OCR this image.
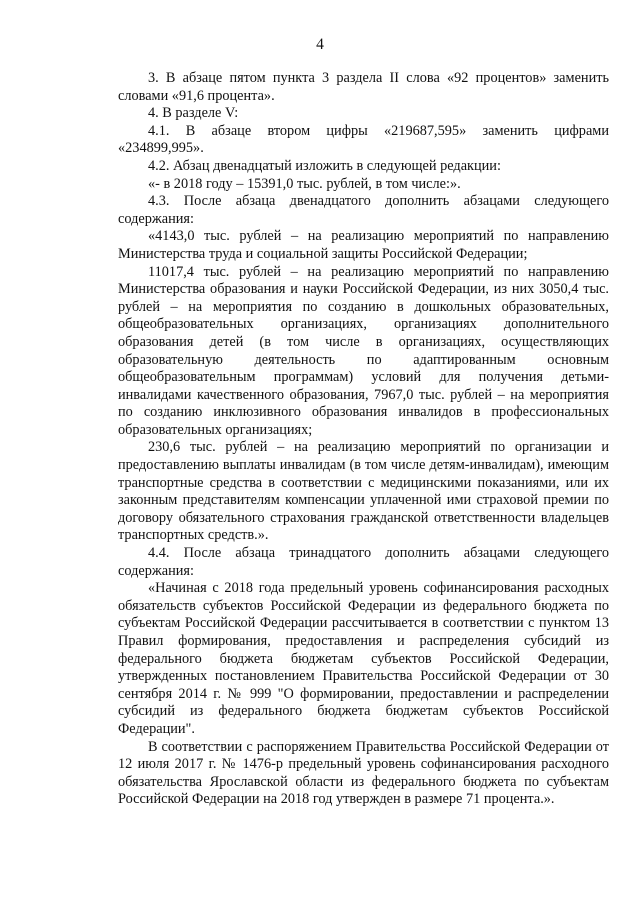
4

3. В абзаце пятом пункта 3 раздела II слова «92 процентов» заменить словами «91,6 процента».

4. В разделе V:

4.1. В абзаце втором цифры «219687,595» заменить цифрами «234899,995».

4.2. Абзац двенадцатый изложить в следующей редакции:

«- в 2018 году – 15391,0 тыс. рублей, в том числе:».

4.3. После абзаца двенадцатого дополнить абзацами следующего содержания:

«4143,0 тыс. рублей – на реализацию мероприятий по направлению Министерства труда и социальной защиты Российской Федерации;

11017,4 тыс. рублей – на реализацию мероприятий по направлению Министерства образования и науки Российской Федерации, из них 3050,4 тыс. рублей – на мероприятия по созданию в дошкольных образовательных, общеобразовательных организациях, организациях дополнительного образования детей (в том числе в организациях, осуществляющих образовательную деятельность по адаптированным основным общеобразовательным программам) условий для получения детьми-инвалидами качественного образования, 7967,0 тыс. рублей – на мероприятия по созданию инклюзивного образования инвалидов в профессиональных образовательных организациях;

230,6 тыс. рублей – на реализацию мероприятий по организации и предоставлению выплаты инвалидам (в том числе детям-инвалидам), имеющим транспортные средства в соответствии с медицинскими показаниями, или их законным представителям компенсации уплаченной ими страховой премии по договору обязательного страхования гражданской ответственности владельцев транспортных средств.».

4.4. После абзаца тринадцатого дополнить абзацами следующего содержания:

«Начиная с 2018 года предельный уровень софинансирования расходных обязательств субъектов Российской Федерации из федерального бюджета по субъектам Российской Федерации рассчитывается в соответствии с пунктом 13 Правил формирования, предоставления и распределения субсидий из федерального бюджета бюджетам субъектов Российской Федерации, утвержденных постановлением Правительства Российской Федерации от 30 сентября 2014 г. № 999 "О формировании, предоставлении и распределении субсидий из федерального бюджета бюджетам субъектов Российской Федерации".

В соответствии с распоряжением Правительства Российской Федерации от 12 июля 2017 г. № 1476-р предельный уровень софинансирования расходного обязательства Ярославской области из федерального бюджета по субъектам Российской Федерации на 2018 год утвержден в размере 71 процента.».
